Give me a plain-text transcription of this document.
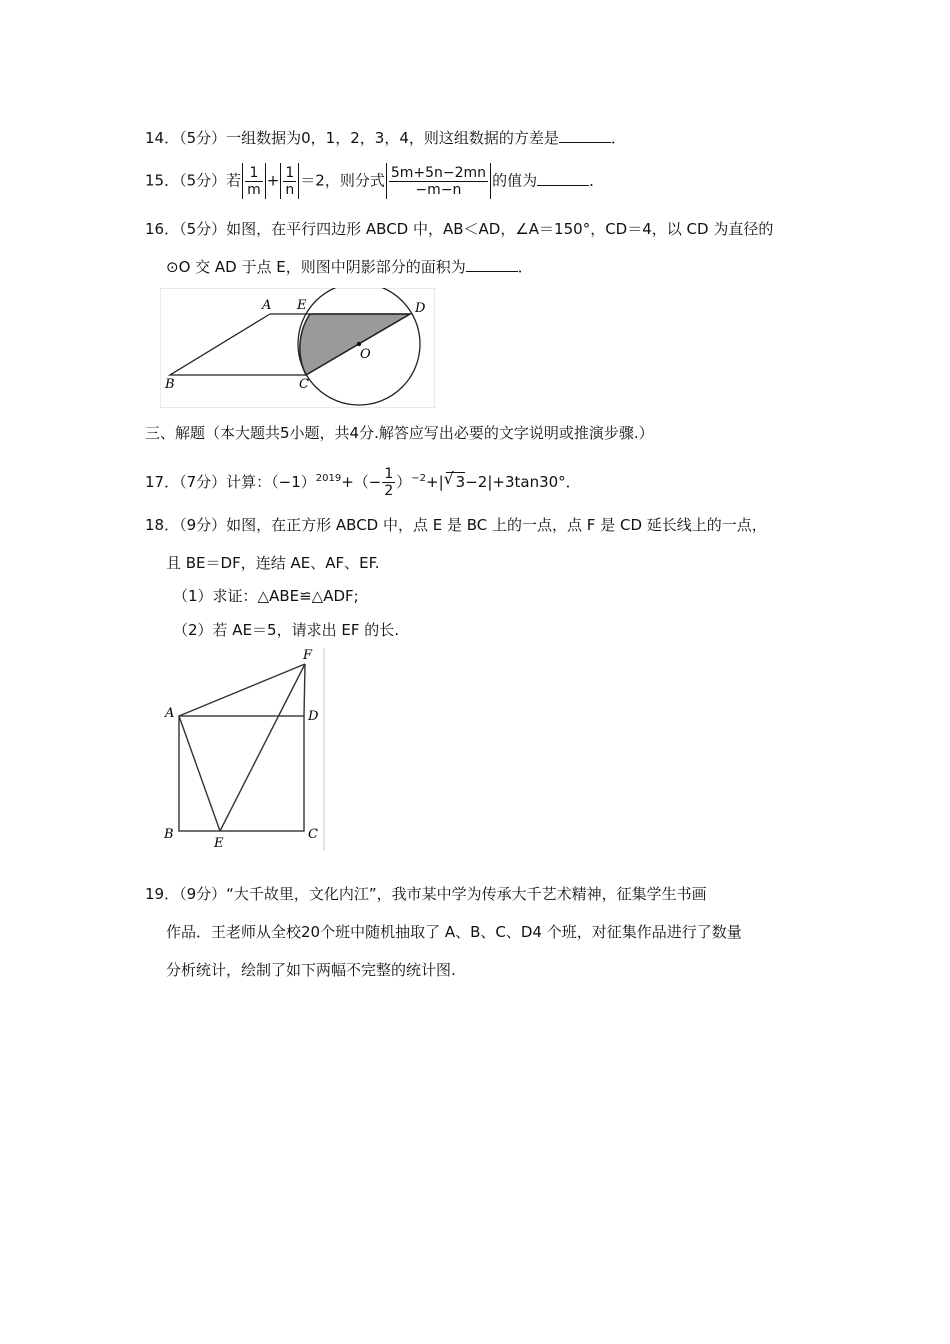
14．（5分）一组数据为0，1，2，3，4，则这组数据的方差是	．
15．（5分）若 $\frac{1}{m} + \frac{1}{n} =2$，则分式 $\frac{5m+5n-2mn}{-m-n}$ 的值为	．
16．（5分）如图，在平行四边形 ABCD 中，AB＜AD，∠A＝150°，CD＝4，以 CD 为直径的
⊙O 交 AD 于点 E，则图中阴影部分的面积为	．
A E	D
O
B	C
三、解题（本大题共5小题，共4分.解答应写出必要的文字说明或推演步骤.）
17．（7分）计算：$(-1)^{2019}+(- \frac{1}{2} )^{-2}+|√$ 3−2|+3tan30°．
18．（9分）如图，在正方形 ABCD 中，点 E 是 BC 上的一点，点 F 是 CD 延长线上的一点，
且 BE＝DF，连结 AE、AF、EF.
（1）求证：△ABE≌△ADF;
（2）若 AE＝5，请求出 EF 的长.
F
A	D
B
E
C
19．（9分）“大千故里，文化内江”，我市某中学为传承大千艺术精神，征集学生书画
作品．王老师从全校20个班中随机抽取了 A、B、C、D4 个班，对征集作品进行了数量
分析统计，绘制了如下两幅不完整的统计图.
